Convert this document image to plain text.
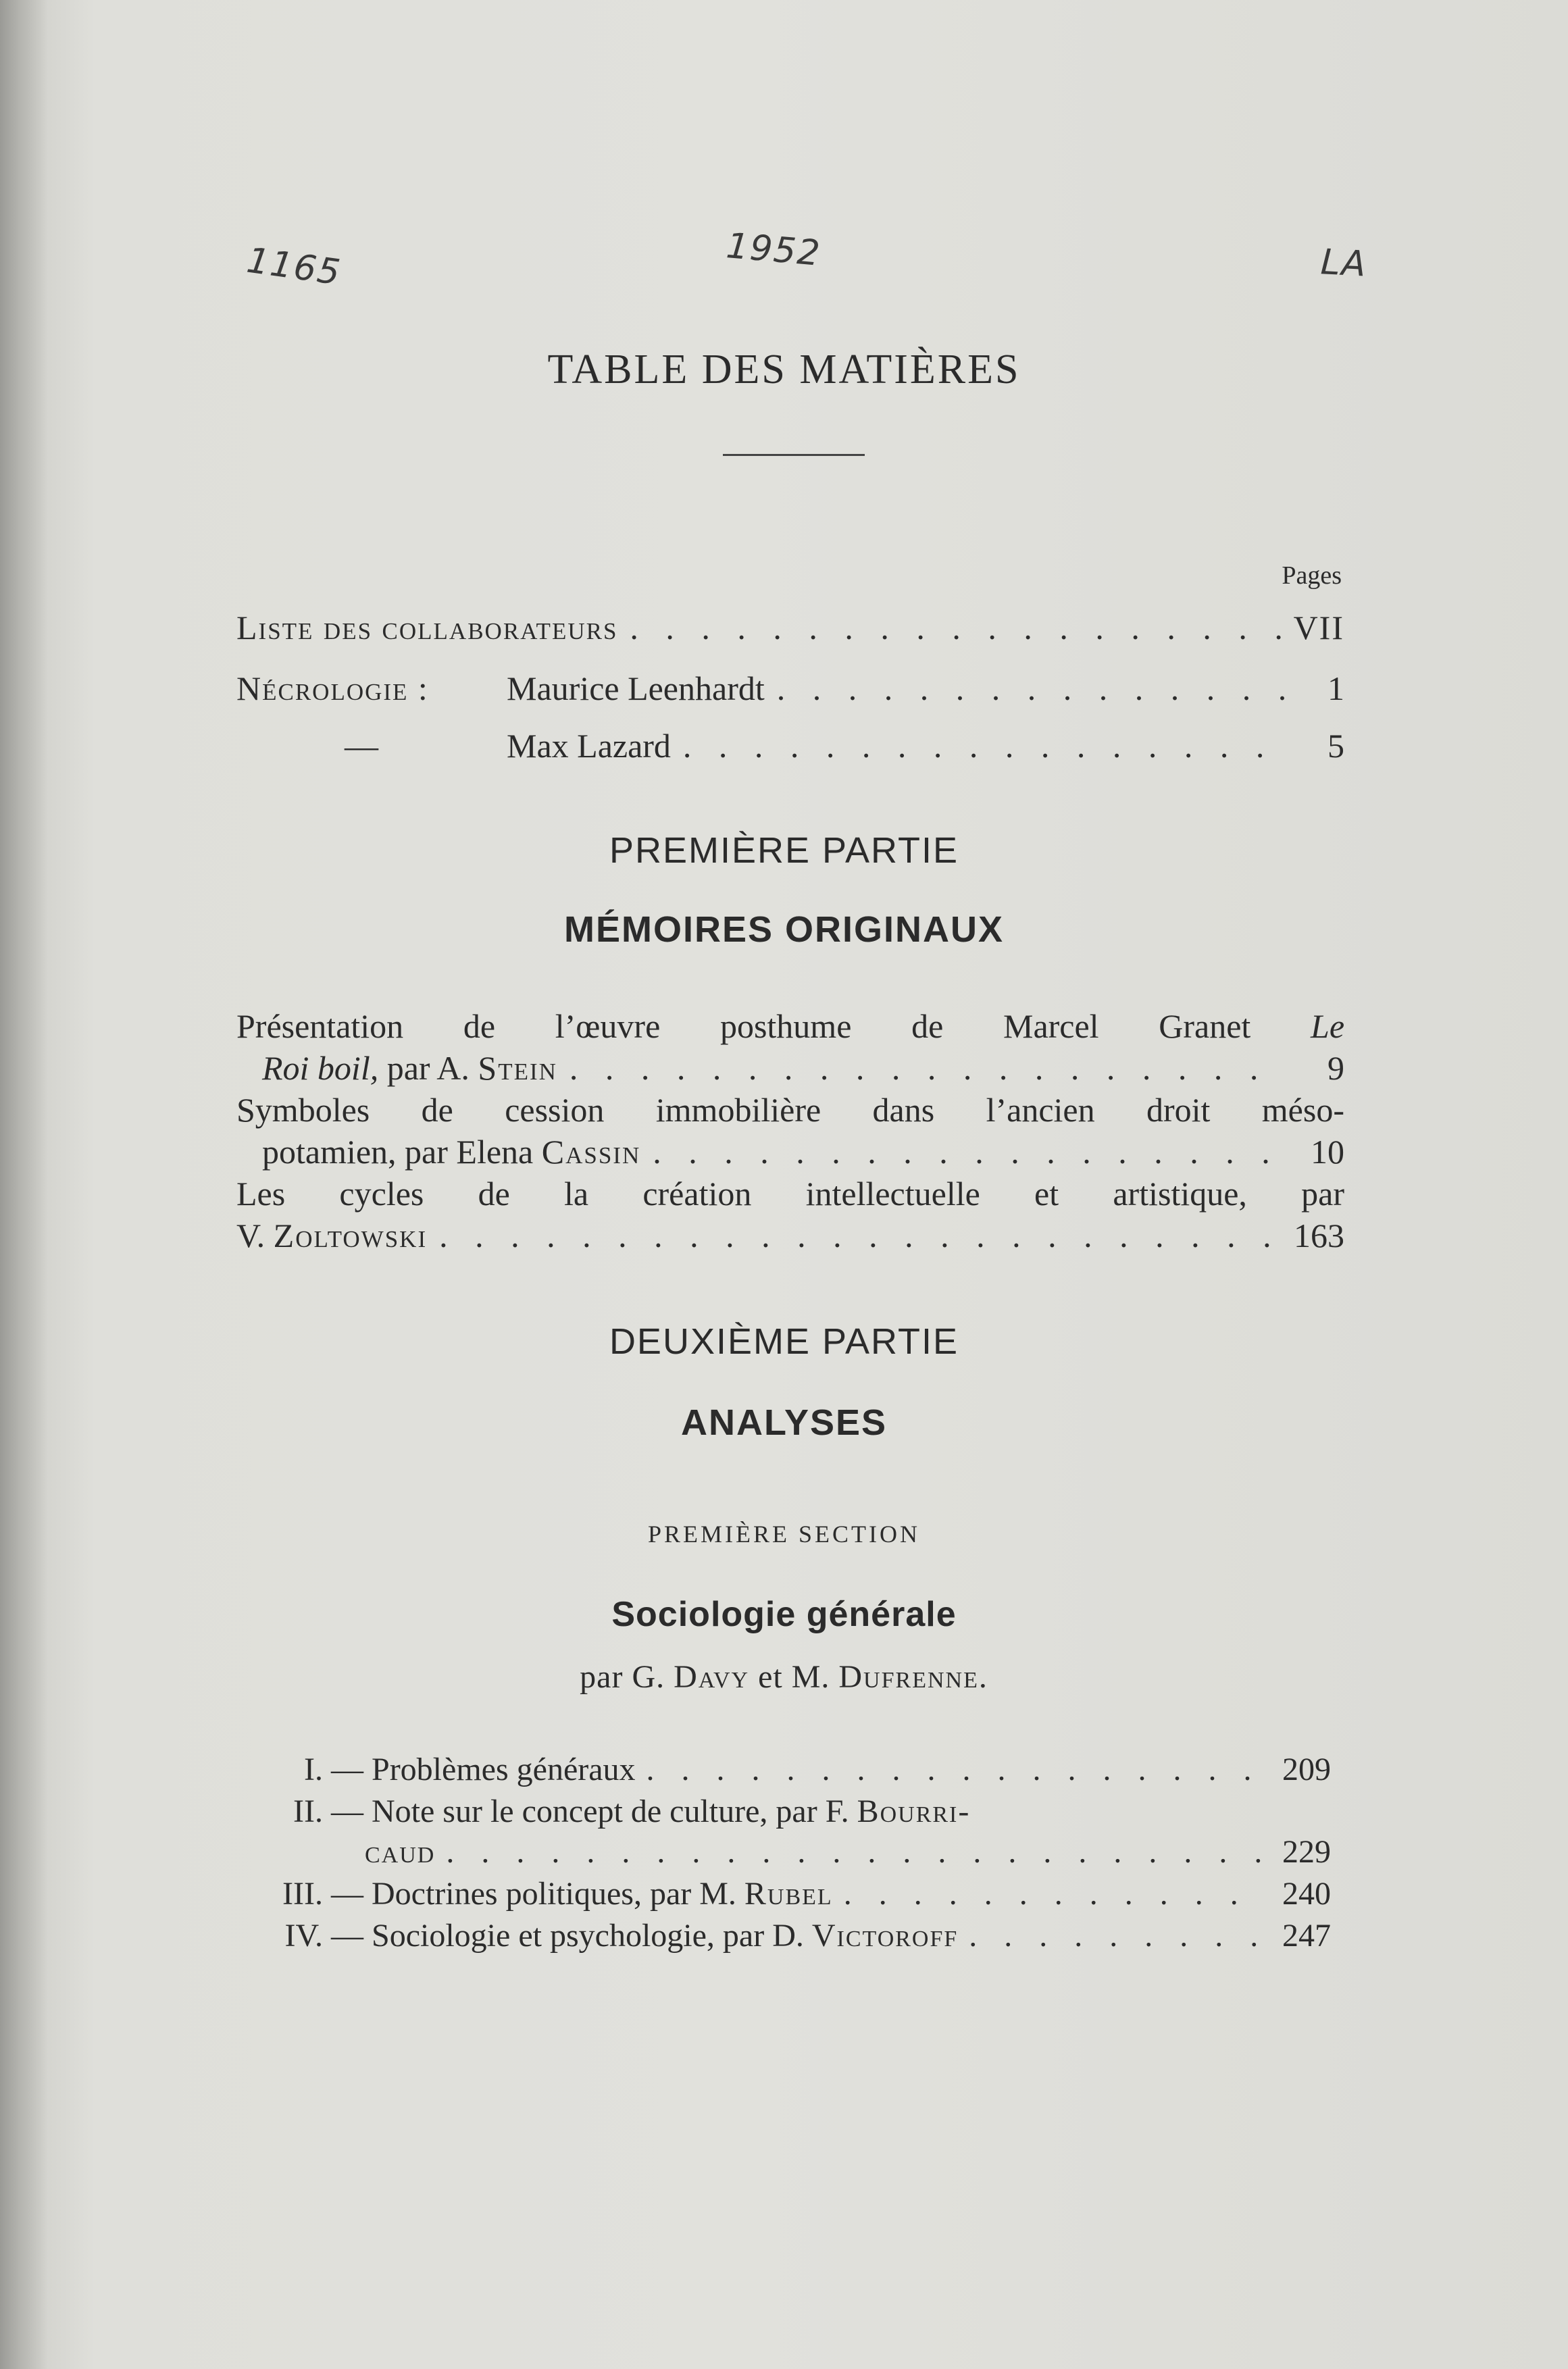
1165	1952	LA
TABLE DES MATIÈRES
Pages
Liste des collaborateurs . . .	VII
Nécrologie :	Maurice Leenhardt . . .	1
—	Max Lazard . . .	5
PREMIÈRE PARTIE
MÉMOIRES ORIGINAUX
Présentation de l’œuvre posthume de Marcel Granet Le
Roi boil,
par A.
Stein . . .	9
Symboles de cession immobilière dans l’ancien droit méso-
potamien, par Elena
Cassin . . .	10
Les cycles de la création intellectuelle et artistique, par
V.
Zoltowski . . .	163
DEUXIÈME PARTIE
ANALYSES
PREMIÈRE SECTION
Sociologie générale
par G. Davy et M. Dufrenne.
I. — Problèmes généraux . . .	209
II. — Note sur le concept de culture, par F.
Bourri-
caud . . .	229
III. — Doctrines politiques, par M.
Rubel . . .	240
IV. — Sociologie et psychologie, par D.
Victoroff . . .	247
